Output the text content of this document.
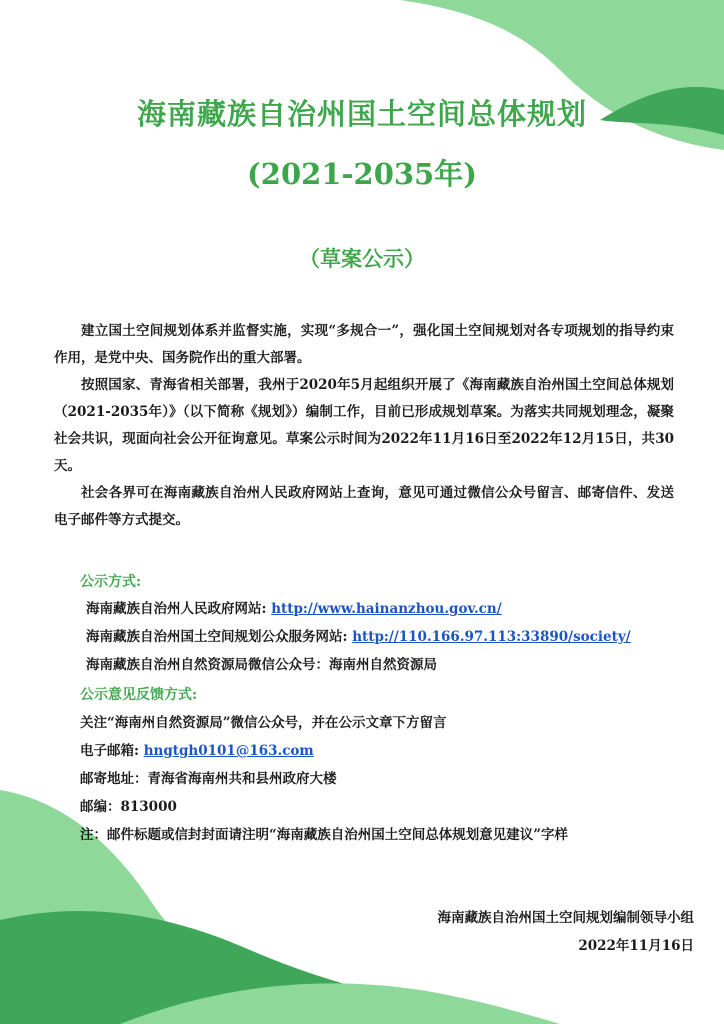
海南藏族自治州国土空间总体规划
(2021-2035年)
（草案公示）

建立国土空间规划体系并监督实施，实现“多规合一”，强化国土空间规划对各专项规划的指导约束作用，是党中央、国务院作出的重大部署。

按照国家、青海省相关部署，我州于2020年5月起组织开展了《海南藏族自治州国土空间总体规划（2021-2035年）》（以下简称《规划》）编制工作，目前已形成规划草案。为落实共同规划理念，凝聚社会共识，现面向社会公开征询意见。草案公示时间为2022年11月16日至2022年12月15日，共30天。

社会各界可在海南藏族自治州人民政府网站上查询，意见可通过微信公众号留言、邮寄信件、发送电子邮件等方式提交。

公示方式:
海南藏族自治州人民政府网站: http://www.hainanzhou.gov.cn/
海南藏族自治州国土空间规划公众服务网站: http://110.166.97.113:33890/society/
海南藏族自治州自然资源局微信公众号：海南州自然资源局
公示意见反馈方式:
关注“海南州自然资源局”微信公众号，并在公示文章下方留言
电子邮箱: hngtgh0101@163.com
邮寄地址：青海省海南州共和县州政府大楼
邮编：813000
注：邮件标题或信封封面请注明“海南藏族自治州国土空间总体规划意见建议”字样
海南藏族自治州国土空间规划编制领导小组
2022年11月16日
